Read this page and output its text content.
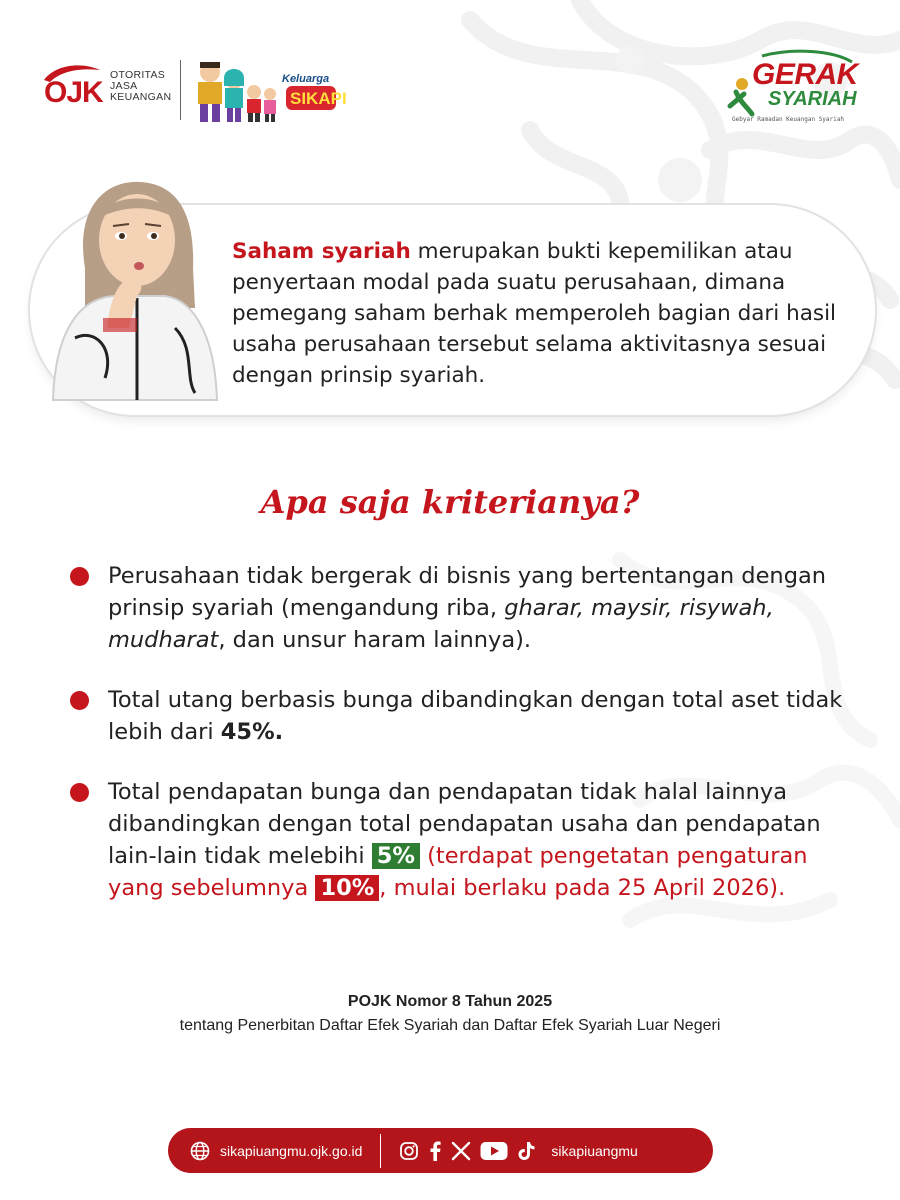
OJK
OTORITAS
JASA
KEUANGAN
Keluarga
SIKAPI
GERAK
SYARIAH
Gebyar Ramadan Keuangan Syariah
Saham syariah merupakan bukti kepemilikan atau penyertaan modal pada suatu perusahaan, dimana pemegang saham berhak memperoleh bagian dari hasil usaha perusahaan tersebut selama aktivitasnya sesuai dengan prinsip syariah.
Apa saja kriterianya?
Perusahaan tidak bergerak di bisnis yang bertentangan dengan prinsip syariah (mengandung riba, gharar, maysir, risywah, mudharat, dan unsur haram lainnya).
Total utang berbasis bunga dibandingkan dengan total aset tidak lebih dari 45%.
Total pendapatan bunga dan pendapatan tidak halal lainnya dibandingkan dengan total pendapatan usaha dan pendapatan lain-lain tidak melebihi 5% (terdapat pengetatan pengaturan yang sebelumnya 10% , mulai berlaku pada 25 April 2026).
POJK Nomor 8 Tahun 2025
tentang Penerbitan Daftar Efek Syariah dan Daftar Efek Syariah Luar Negeri
sikapiuangmu.ojk.go.id	sikapiuangmu
